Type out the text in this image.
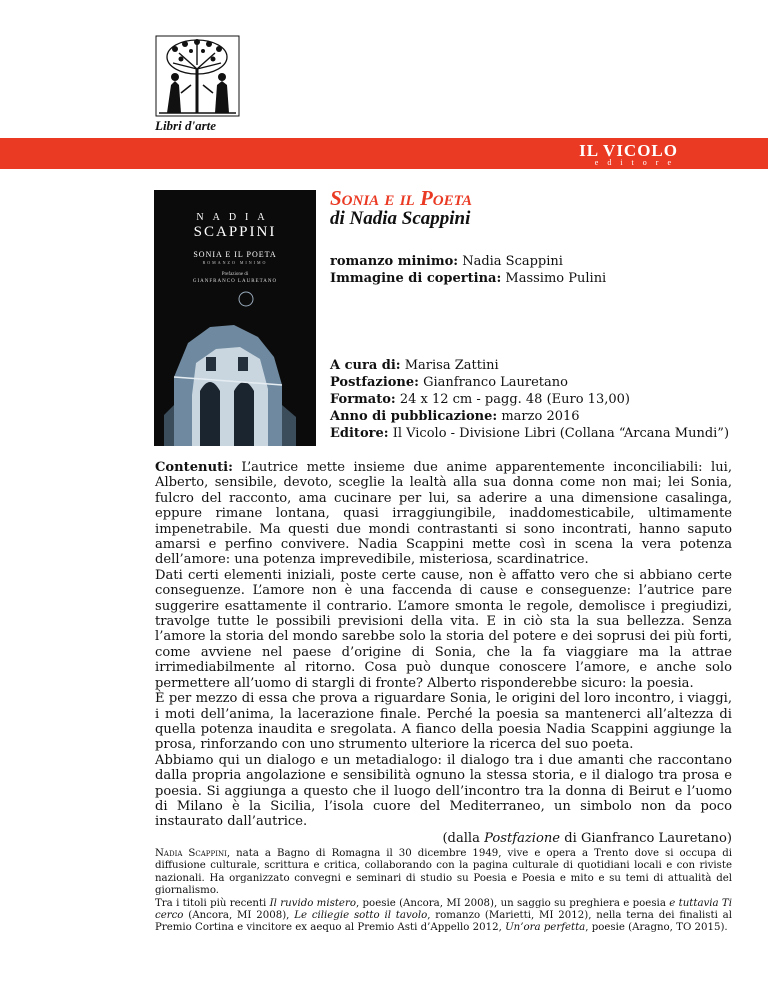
Libri d'arte
IL VICOLO
editore
NADIA
SCAPPINI
SONIA E IL POETA
ROMANZO MINIMO
Prefazione di
GIANFRANCO LAURETANO
Sonia e il Poeta
di Nadia Scappini
romanzo minimo: Nadia Scappini
Immagine di copertina: Massimo Pulini
A cura di: Marisa Zattini
Postfazione: Gianfranco Lauretano
Formato: 24 x 12 cm - pagg. 48 (Euro 13,00)
Anno di pubblicazione: marzo 2016
Editore: Il Vicolo - Divisione Libri (Collana “Arcana Mundi”)

Contenuti: L’autrice mette insieme due anime apparentemente inconciliabili: lui, Alberto, sensibile, devoto, sceglie la lealtà alla sua donna come non mai; lei Sonia, fulcro del racconto, ama cucinare per lui, sa aderire a una dimensione casalinga, eppure rimane lontana, quasi irraggiungibile, inaddomesticabile, ultimamente impenetrabile. Ma questi due mondi contrastanti si sono incontrati, hanno saputo amarsi e perfino convivere. Nadia Scappini mette così in scena la vera potenza dell’amore: una potenza imprevedibile, misteriosa, scardinatrice.

Dati certi elementi iniziali, poste certe cause, non è affatto vero che si abbiano certe conseguenze. L’amore non è una faccenda di cause e conseguenze: l’autrice pare suggerire esattamente il contrario. L’amore smonta le regole, demolisce i pregiudizi, travolge tutte le possibili previsioni della vita. E in ciò sta la sua bellezza. Senza l’amore la storia del mondo sarebbe solo la storia del potere e dei soprusi dei più forti, come avviene nel paese d’origine di Sonia, che la fa viaggiare ma la attrae irrimediabilmente al ritorno. Cosa può dunque conoscere l’amore, e anche solo permettere all’uomo di stargli di fronte? Alberto risponderebbe sicuro: la poesia.

È per mezzo di essa che prova a riguardare Sonia, le origini del loro incontro, i viaggi, i moti dell’anima, la lacerazione finale. Perché la poesia sa mantenerci all’altezza di quella potenza inaudita e sregolata. A fianco della poesia Nadia Scappini aggiunge la prosa, rinforzando con uno strumento ulteriore la ricerca del suo poeta.

Abbiamo qui un dialogo e un metadialogo: il dialogo tra i due amanti che raccontano dalla propria angolazione e sensibilità ognuno la stessa storia, e il dialogo tra prosa e poesia. Si aggiunga a questo che il luogo dell’incontro tra la donna di Beirut e l’uomo di Milano è la Sicilia, l’isola cuore del Mediterraneo, un simbolo non da poco instaurato dall’autrice.

(dalla Postfazione di Gianfranco Lauretano)

Nadia Scappini, nata a Bagno di Romagna il 30 dicembre 1949, vive e opera a Trento dove si occupa di diffusione culturale, scrittura e critica, collaborando con la pagina culturale di quotidiani locali e con riviste nazionali. Ha organizzato convegni e seminari di studio su Poesia e Poesia e mito e su temi di attualità del giornalismo.

Tra i titoli più recenti Il ruvido mistero, poesie (Ancora, MI 2008), un saggio su preghiera e poesia e tuttavia Ti cerco (Ancora, MI 2008), Le ciliegie sotto il tavolo, romanzo (Marietti, MI 2012), nella terna dei finalisti al Premio Cortina e vincitore ex aequo al Premio Asti d’Appello 2012, Un’ora perfetta, poesie (Aragno, TO 2015).
